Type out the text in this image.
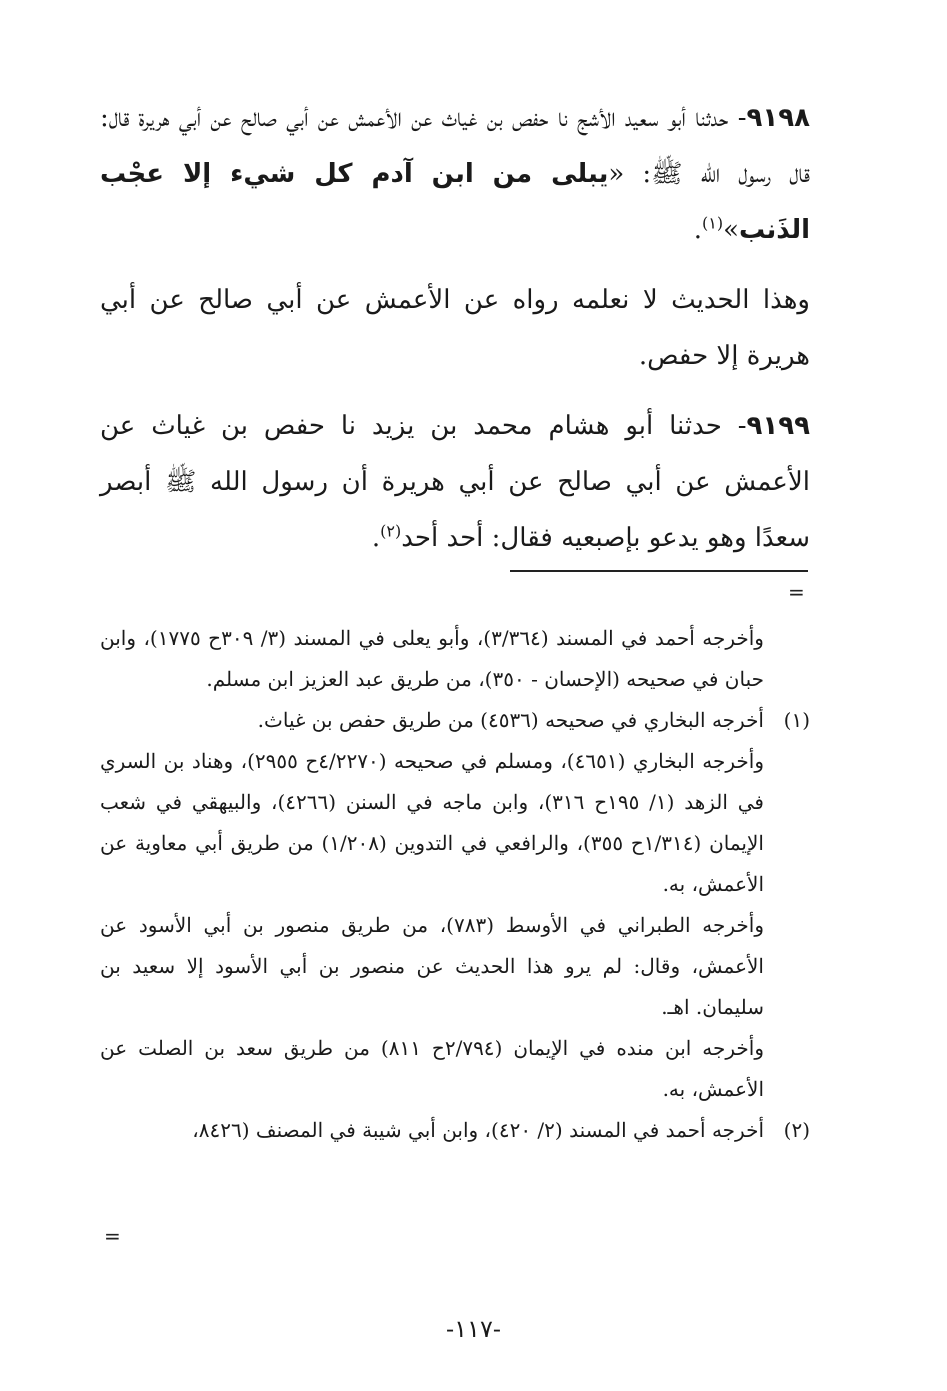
٩١٩٨- حدثنا أبو سعيد الأشج نا حفص بن غياث عن الأعمش عن أبي صالح عن أبي هريرة قال: قال رسول الله ﷺ: «يبلى من ابن آدم كل شيء إلا عجْب الذَنب»$^{(١)}$.
وهذا الحديث لا نعلمه رواه عن الأعمش عن أبي صالح عن أبي هريرة إلا حفص.
٩١٩٩- حدثنا أبو هشام محمد بن يزيد نا حفص بن غياث عن الأعمش عن أبي صالح عن أبي هريرة أن رسول الله ﷺ أبصر سعدًا وهو يدعو بإصبعيه فقال: أحد أحد$^{(٢)}$.
=

وأخرجه أحمد في المسند (٣/٣٦٤)، وأبو يعلى في المسند (٣/ ٣٠٩ح ١٧٧٥)، وابن حبان في صحيحه (الإحسان - ٣٥٠)، من طريق عبد العزيز ابن مسلم.

(١)أخرجه البخاري في صحيحه (٤٥٣٦) من طريق حفص بن غياث.

وأخرجه البخاري (٤٦٥١)، ومسلم في صحيحه (٤/٢٢٧٠ح ٢٩٥٥)، وهناد بن السري في الزهد (١/ ١٩٥ح ٣١٦)، وابن ماجه في السنن (٤٢٦٦)، والبيهقي في شعب الإيمان (١/٣١٤ح ٣٥٥)، والرافعي في التدوين (١/٢٠٨) من طريق أبي معاوية عن الأعمش، به.

وأخرجه الطبراني في الأوسط (٧٨٣)، من طريق منصور بن أبي الأسود عن الأعمش، وقال: لم يرو هذا الحديث عن منصور بن أبي الأسود إلا سعيد بن سليمان. اهـ.

وأخرجه ابن منده في الإيمان (٢/٧٩٤ح ٨١١) من طريق سعد بن الصلت عن الأعمش، به.

(٢)أخرجه أحمد في المسند (٢/ ٤٢٠)، وابن أبي شيبة في المصنف (٨٤٢٦،

=
-١١٧-
